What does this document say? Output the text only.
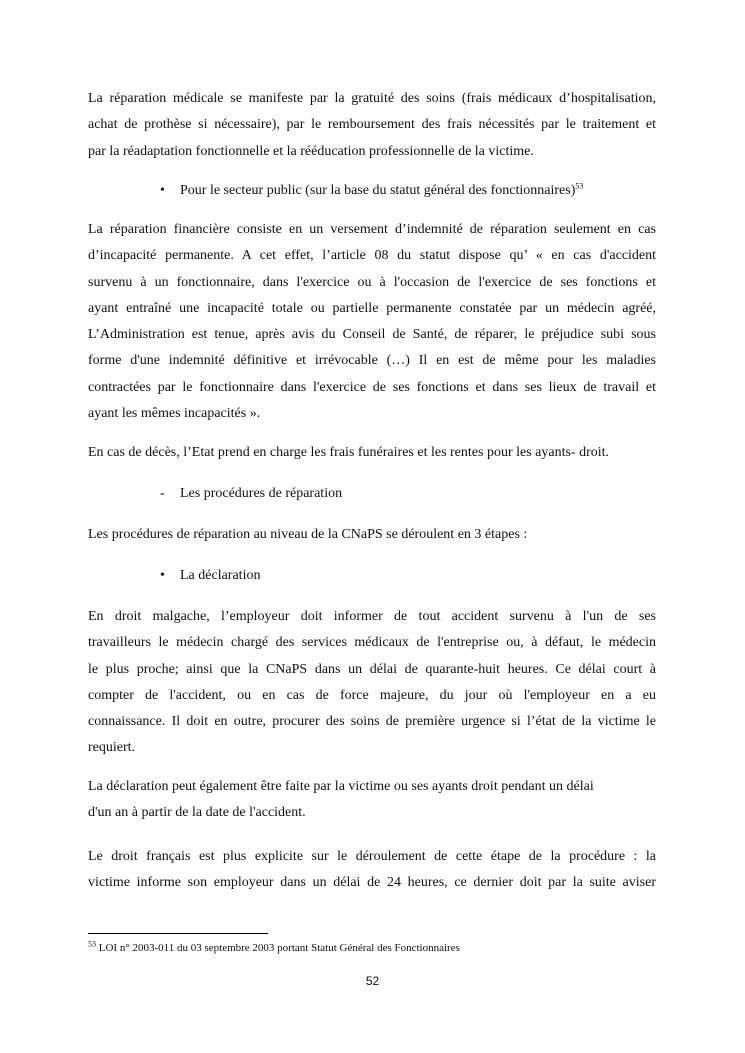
La réparation médicale se manifeste par la gratuité des soins (frais médicaux d’hospitalisation,
achat de prothèse si nécessaire), par le remboursement des frais nécessités par le traitement et
par la réadaptation fonctionnelle et la rééducation professionnelle de la victime.
• Pour le secteur public (sur la base du statut général des fonctionnaires)$^{53}$
La réparation financière consiste en un versement d’indemnité de réparation seulement en cas
d’incapacité permanente. A cet effet, l’article 08 du statut dispose qu’ « en cas d'accident
survenu à un fonctionnaire, dans l'exercice ou à l'occasion de l'exercice de ses fonctions et
ayant entraîné une incapacité totale ou partielle permanente constatée par un médecin agréé,
L’Administration est tenue, après avis du Conseil de Santé, de réparer, le préjudice subi sous
forme d'une indemnité définitive et irrévocable (…) Il en est de même pour les maladies
contractées par le fonctionnaire dans l'exercice de ses fonctions et dans ses lieux de travail et
ayant les mêmes incapacités ».
En cas de décès, l’Etat prend en charge les frais funéraires et les rentes pour les ayants- droit.
- Les procédures de réparation
Les procédures de réparation au niveau de la CNaPS se déroulent en 3 étapes :
• La déclaration
En droit malgache, l’employeur doit informer de tout accident survenu à l'un de ses
travailleurs le médecin chargé des services médicaux de l'entreprise ou, à défaut, le médecin
le plus proche; ainsi que la CNaPS dans un délai de quarante-huit heures. Ce délai court à
compter de l'accident, ou en cas de force majeure, du jour où l'employeur en a eu
connaissance. Il doit en outre, procurer des soins de première urgence si l’état de la victime le
requiert.
La déclaration peut également être faite par la victime ou ses ayants droit pendant un délai
d'un an à partir de la date de l'accident.
Le droit français est plus explicite sur le déroulement de cette étape de la procédure : la
victime informe son employeur dans un délai de 24 heures, ce dernier doit par la suite aviser
$^{53}$ LOI n° 2003-011 du 03 septembre 2003 portant Statut Général des Fonctionnaires
52
